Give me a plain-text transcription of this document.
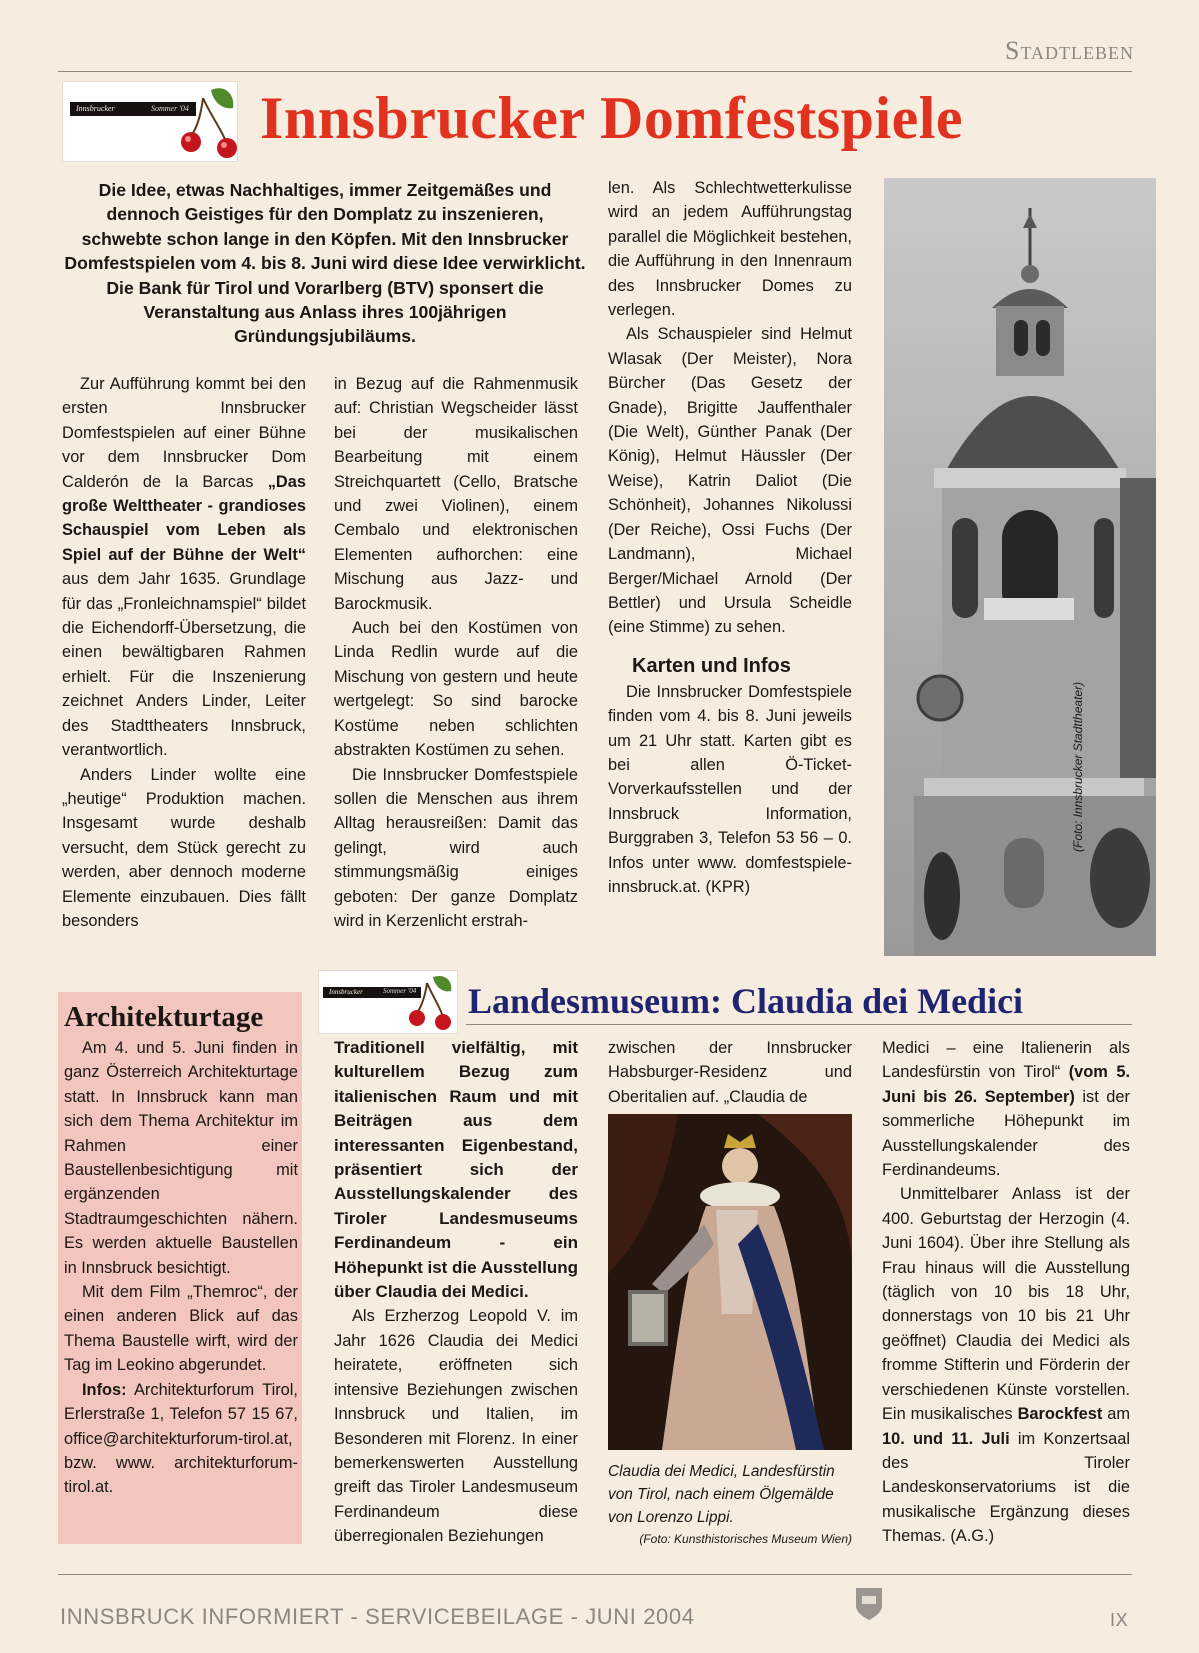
Stadtleben
Innsbrucker	Sommer '04 Innsbrucker Domfestspiele
Die Idee, etwas Nachhaltiges, immer Zeitgemäßes und dennoch Geistiges für den Domplatz zu inszenieren, schwebte schon lange in den Köpfen. Mit den Innsbrucker Domfestspielen vom 4. bis 8. Juni wird diese Idee verwirklicht. Die Bank für Tirol und Vorarlberg (BTV) sponsert die Veranstaltung aus Anlass ihres 100jährigen Gründungsjubiläums.

Zur Aufführung kommt bei den ersten Innsbrucker Domfestspielen auf einer Bühne vor dem Innsbrucker Dom Calderón de la Barcas „Das große Welttheater - grandioses Schauspiel vom Leben als Spiel auf der Bühne der Welt“ aus dem Jahr 1635. Grundlage für das „Fronleichnamspiel“ bildet die Eichendorff-Übersetzung, die einen bewältigbaren Rahmen erhielt. Für die Inszenierung zeichnet Anders Linder, Leiter des Stadttheaters Innsbruck, verantwortlich.

Anders Linder wollte eine „heutige“ Produktion machen. Insgesamt wurde deshalb versucht, dem Stück gerecht zu werden, aber dennoch moderne Elemente einzubauen. Dies fällt besonders

in Bezug auf die Rahmenmusik auf: Christian Wegscheider lässt bei der musikalischen Bearbeitung mit einem Streichquartett (Cello, Bratsche und zwei Violinen), einem Cembalo und elektronischen Elementen aufhorchen: eine Mischung aus Jazz- und Barockmusik.

Auch bei den Kostümen von Linda Redlin wurde auf die Mischung von gestern und heute wertgelegt: So sind barocke Kostüme neben schlichten abstrakten Kostümen zu sehen.

Die Innsbrucker Domfestspiele sollen die Menschen aus ihrem Alltag herausreißen: Damit das gelingt, wird auch stimmungsmäßig einiges geboten: Der ganze Domplatz wird in Kerzenlicht erstrah-

len. Als Schlechtwetterkulisse wird an jedem Aufführungstag parallel die Möglichkeit bestehen, die Aufführung in den Innenraum des Innsbrucker Domes zu verlegen.

Als Schauspieler sind Helmut Wlasak (Der Meister), Nora Bürcher (Das Gesetz der Gnade), Brigitte Jauffenthaler (Die Welt), Günther Panak (Der König), Helmut Häussler (Der Weise), Katrin Daliot (Die Schönheit), Johannes Nikolussi (Der Reiche), Ossi Fuchs (Der Landmann), Michael Berger/Michael Arnold (Der Bettler) und Ursula Scheidle (eine Stimme) zu sehen.

Karten und Infos

Die Innsbrucker Domfestspiele finden vom 4. bis 8. Juni jeweils um 21 Uhr statt. Karten gibt es bei allen Ö-Ticket-Vorverkaufsstellen und der Innsbruck Information, Burggraben 3, Telefon 53 56 – 0. Infos unter www. domfestspiele-innsbruck.at. (KPR)

(Foto: Innsbrucker Stadttheater)
Architekturtage

Am 4. und 5. Juni finden in ganz Österreich Architekturtage statt. In Innsbruck kann man sich dem Thema Architektur im Rahmen einer Baustellenbesichtigung mit ergänzenden Stadtraumgeschichten nähern. Es werden aktuelle Baustellen in Innsbruck besichtigt.

Mit dem Film „Themroc“, der einen anderen Blick auf das Thema Baustelle wirft, wird der Tag im Leokino abgerundet.

Infos: Architekturforum Tirol, Erlerstraße 1, Telefon 57 15 67, office@architekturforum-tirol.at, bzw. www. architekturforum-tirol.at.

Innsbrucker	Sommer '04 Landesmuseum: Claudia dei Medici

Traditionell vielfältig, mit kulturellem Bezug zum italienischen Raum und mit Beiträgen aus dem interessanten Eigenbestand, präsentiert sich der Ausstellungskalender des Tiroler Landesmuseums Ferdinandeum - ein Höhepunkt ist die Ausstellung über Claudia dei Medici.

Als Erzherzog Leopold V. im Jahr 1626 Claudia dei Medici heiratete, eröffneten sich intensive Beziehungen zwischen Innsbruck und Italien, im Besonderen mit Florenz. In einer bemerkenswerten Ausstellung greift das Tiroler Landesmuseum Ferdinandeum diese überregionalen Beziehungen

zwischen der Innsbrucker Habsburger-Residenz und Oberitalien auf. „Claudia de

Claudia dei Medici, Landesfürstin von Tirol, nach einem Ölgemälde von Lorenzo Lippi.
(Foto: Kunsthistorisches Museum Wien)

Medici – eine Italienerin als Landesfürstin von Tirol“ (vom 5. Juni bis 26. September) ist der sommerliche Höhepunkt im Ausstellungskalender des Ferdinandeums.

Unmittelbarer Anlass ist der 400. Geburtstag der Herzogin (4. Juni 1604). Über ihre Stellung als Frau hinaus will die Ausstellung (täglich von 10 bis 18 Uhr, donnerstags von 10 bis 21 Uhr geöffnet) Claudia dei Medici als fromme Stifterin und Förderin der verschiedenen Künste vorstellen. Ein musikalisches Barockfest am 10. und 11. Juli im Konzertsaal des Tiroler Landeskonservatoriums ist die musikalische Ergänzung dieses Themas. (A.G.)

INNSBRUCK INFORMIERT - SERVICEBEILAGE - JUNI 2004	IX
